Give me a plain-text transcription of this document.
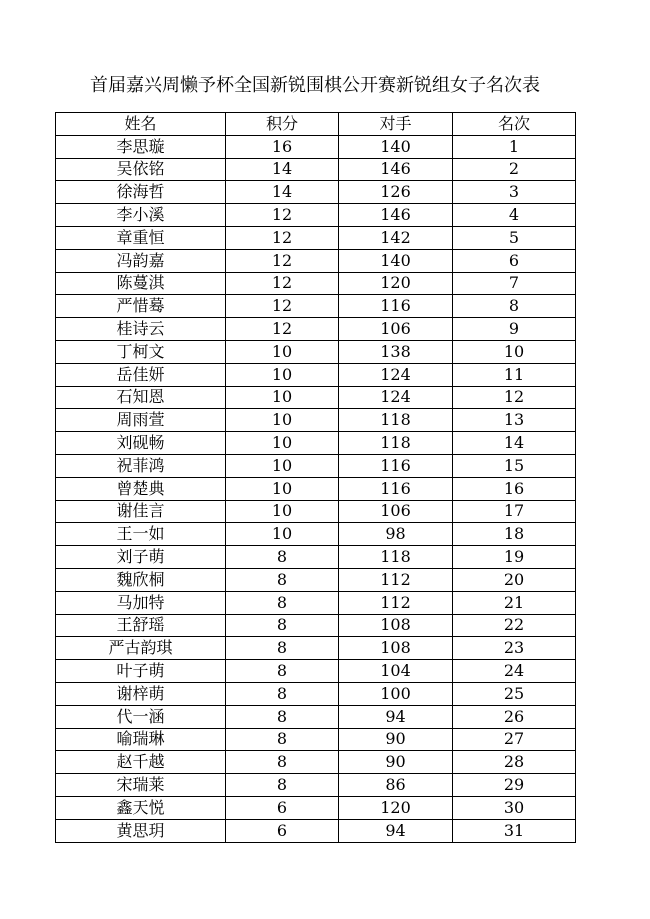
首届嘉兴周懒予杯全国新锐围棋公开赛新锐组女子名次表
姓名	积分	对手	名次
李思璇	16	140	1
吴依铭	14	146	2
徐海哲	14	126	3
李小溪	12	146	4
章重恒	12	142	5
冯韵嘉	12	140	6
陈蔓淇	12	120	7
严惜蓦	12	116	8
桂诗云	12	106	9
丁柯文	10	138	10
岳佳妍	10	124	11
石知恩	10	124	12
周雨萱	10	118	13
刘砚畅	10	118	14
祝菲鸿	10	116	15
曾楚典	10	116	16
谢佳言	10	106	17
王一如	10	98	18
刘子萌	8	118	19
魏欣桐	8	112	20
马加特	8	112	21
王舒瑶	8	108	22
严古韵琪	8	108	23
叶子萌	8	104	24
谢梓萌	8	100	25
代一涵	8	94	26
喻瑞琳	8	90	27
赵千越	8	90	28
宋瑞莱	8	86	29
鑫天悦	6	120	30
黄思玥	6	94	31
